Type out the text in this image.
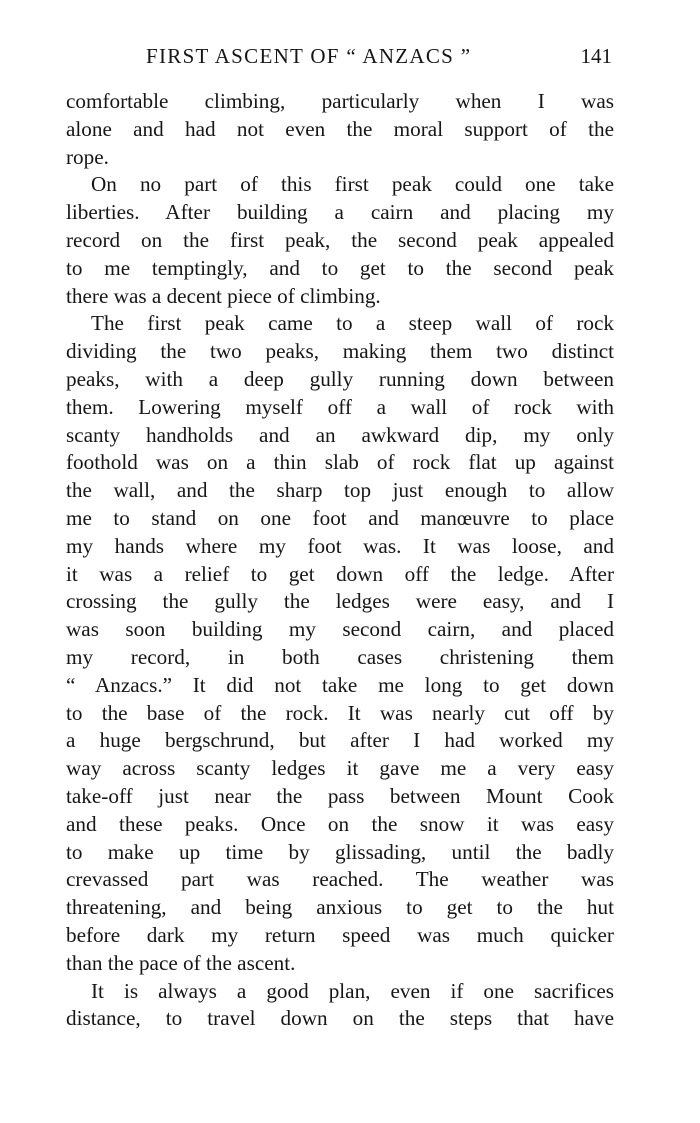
FIRST ASCENT OF “ ANZACS ”	141
comfortable climbing, particularly when I was
alone and had not even the moral support of the
rope.
On no part of this first peak could one take
liberties. After building a cairn and placing my
record on the first peak, the second peak appealed
to me temptingly, and to get to the second peak
there was a decent piece of climbing.
The first peak came to a steep wall of rock
dividing the two peaks, making them two distinct
peaks, with a deep gully running down between
them. Lowering myself off a wall of rock with
scanty handholds and an awkward dip, my only
foothold was on a thin slab of rock flat up against
the wall, and the sharp top just enough to allow
me to stand on one foot and manœuvre to place
my hands where my foot was. It was loose, and
it was a relief to get down off the ledge. After
crossing the gully the ledges were easy, and I
was soon building my second cairn, and placed
my record, in both cases christening them
“ Anzacs.” It did not take me long to get down
to the base of the rock. It was nearly cut off by
a huge bergschrund, but after I had worked my
way across scanty ledges it gave me a very easy
take-off just near the pass between Mount Cook
and these peaks. Once on the snow it was easy
to make up time by glissading, until the badly
crevassed part was reached. The weather was
threatening, and being anxious to get to the hut
before dark my return speed was much quicker
than the pace of the ascent.
It is always a good plan, even if one sacrifices
distance, to travel down on the steps that have
